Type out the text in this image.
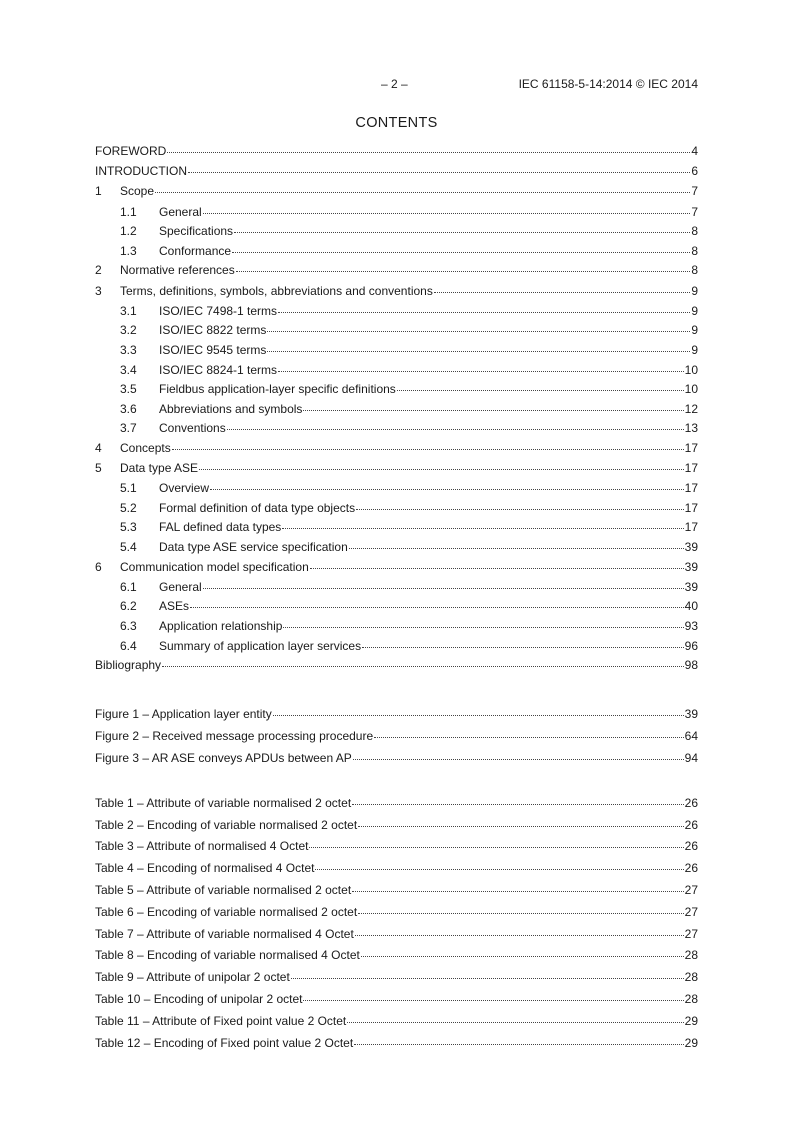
– 2 –	IEC 61158-5-14:2014 © IEC 2014
CONTENTS
FOREWORD	4
INTRODUCTION	6
1	Scope	7
1.1	General	7
1.2	Specifications	8
1.3	Conformance	8
2	Normative references	8
3	Terms, definitions, symbols, abbreviations and conventions	9
3.1	ISO/IEC 7498-1 terms	9
3.2	ISO/IEC 8822 terms	9
3.3	ISO/IEC 9545 terms	9
3.4	ISO/IEC 8824-1 terms	10
3.5	Fieldbus application-layer specific definitions	10
3.6	Abbreviations and symbols	12
3.7	Conventions	13
4	Concepts	17
5	Data type ASE	17
5.1	Overview	17
5.2	Formal definition of data type objects	17
5.3	FAL defined data types	17
5.4	Data type ASE service specification	39
6	Communication model specification	39
6.1	General	39
6.2	ASEs	40
6.3	Application relationship	93
6.4	Summary of application layer services	96
Bibliography	98
Figure 1 – Application layer entity	39
Figure 2 – Received message processing procedure	64
Figure 3 – AR ASE conveys APDUs between AP	94
Table 1 – Attribute of variable normalised 2 octet	26
Table 2 – Encoding of variable normalised 2 octet	26
Table 3 – Attribute of normalised 4 Octet	26
Table 4 – Encoding of normalised 4 Octet	26
Table 5 – Attribute of variable normalised 2 octet	27
Table 6 – Encoding of variable normalised 2 octet	27
Table 7 – Attribute of variable normalised 4 Octet	27
Table 8 – Encoding of variable normalised 4 Octet	28
Table 9 – Attribute of unipolar 2 octet	28
Table 10 – Encoding of unipolar 2 octet	28
Table 11 – Attribute of Fixed point value 2 Octet	29
Table 12 – Encoding of Fixed point value 2 Octet	29
